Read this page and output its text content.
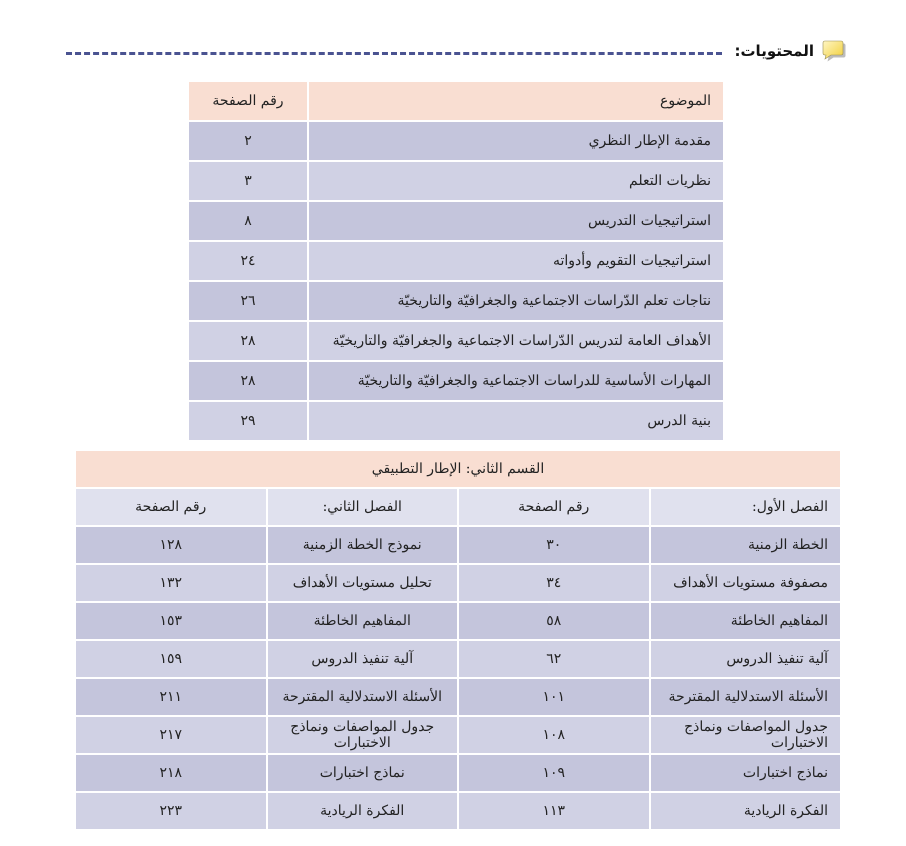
المحتويات:
الموضوع	رقم الصفحة
مقدمة الإطار النظري	٢
نظريات التعلم	٣
استراتيجيات التدريس	٨
استراتيجيات التقويم وأدواته	٢٤
نتاجات تعلم الدّراسات الاجتماعية والجغرافيّة والتاريخيّة	٢٦
الأهداف العامة لتدريس الدّراسات الاجتماعية والجغرافيّة والتاريخيّة	٢٨
المهارات الأساسية للدراسات الاجتماعية والجغرافيّة والتاريخيّة	٢٨
بنية الدرس	٢٩
القسم الثاني: الإطار التطبيقي			
الفصل الأول:	رقم الصفحة	الفصل الثاني:	رقم الصفحة
الخطة الزمنية	٣٠	نموذج الخطة الزمنية	١٢٨
مصفوفة مستويات الأهداف	٣٤	تحليل مستويات الأهداف	١٣٢
المفاهيم الخاطئة	٥٨	المفاهيم الخاطئة	١٥٣
آلية تنفيذ الدروس	٦٢	آلية تنفيذ الدروس	١٥٩
الأسئلة الاستدلالية المقترحة	١٠١	الأسئلة الاستدلالية المقترحة	٢١١
جدول المواصفات ونماذج الاختبارات	١٠٨	جدول المواصفات ونماذج الاختبارات	٢١٧
نماذج اختبارات	١٠٩	نماذج اختبارات	٢١٨
الفكرة الريادية	١١٣	الفكرة الريادية	٢٢٣
